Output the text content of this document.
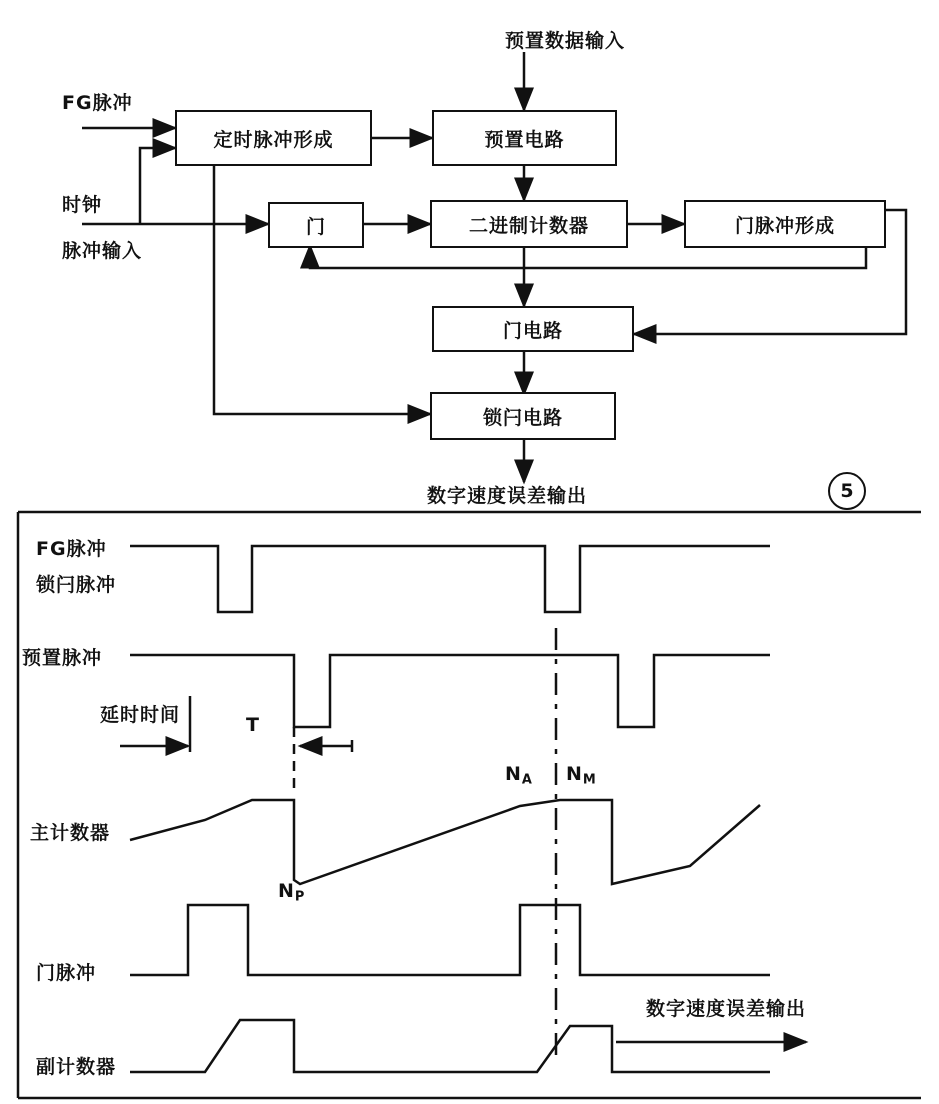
预置数据输入
FG脉冲
时钟
脉冲输入
定时脉冲形成	预置电路
门	二进制计数器	门脉冲形成
门电路
锁闩电路
数字速度误差输出	5
FG脉冲
锁闩脉冲
预置脉冲
主计数器
门脉冲
副计数器
延时时间	T
数字速度误差输出
$N_A$ $N_M$
$N_P$
